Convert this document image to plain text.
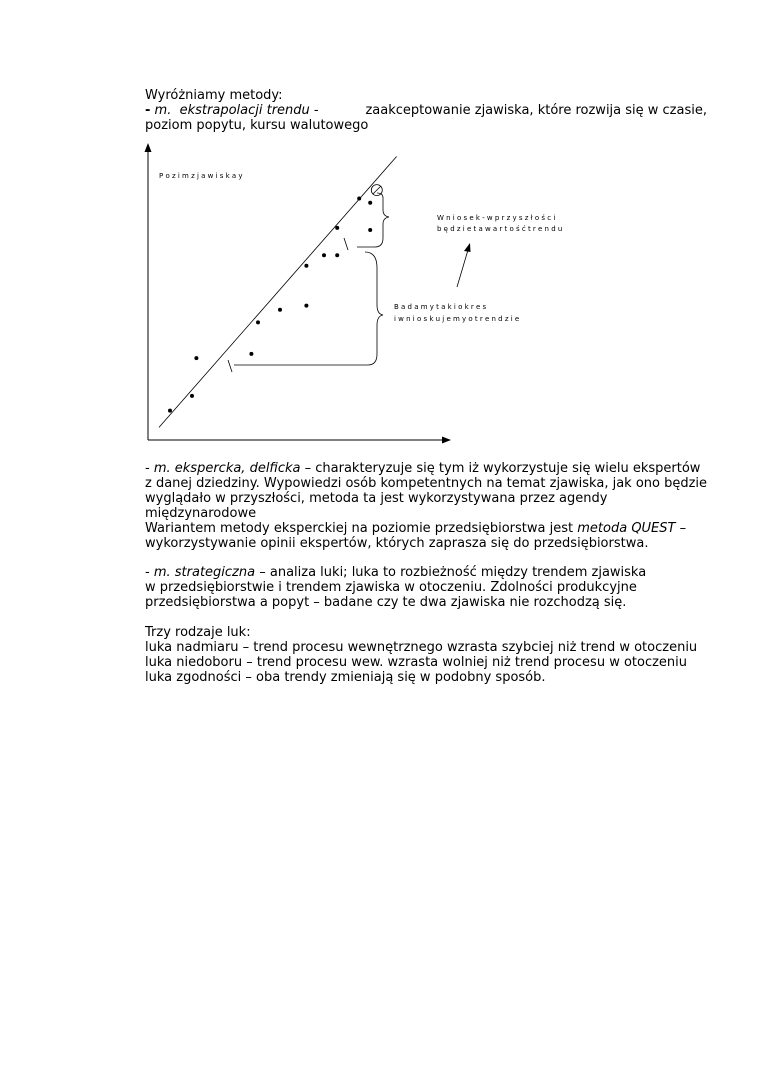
Wyróżniamy metody:
- m.  ekstrapolacji trendu -	zaakceptowanie zjawiska, które rozwija się w czasie,
poziom popytu, kursu walutowego
P o z i m z j a w i s k a y
W n i o s e k - w p r z y s z ł o ś c i
b ę d z i e t a w a r t o ś ć t r e n d u
B a d a m y t a k i o k r e s
i w n i o s k u j e m y o t r e n d z i e
- m. ekspercka, delficka – charakteryzuje się tym iż wykorzystuje się wielu ekspertów
z danej dziedziny. Wypowiedzi osób kompetentnych na temat zjawiska, jak ono będzie
wyglądało w przyszłości, metoda ta jest wykorzystywana przez agendy
międzynarodowe
Wariantem metody eksperckiej na poziomie przedsiębiorstwa jest metoda QUEST –
wykorzystywanie opinii ekspertów, których zaprasza się do przedsiębiorstwa.
- m. strategiczna – analiza luki; luka to rozbieżność między trendem zjawiska
w przedsiębiorstwie i trendem zjawiska w otoczeniu. Zdolności produkcyjne
przedsiębiorstwa a popyt – badane czy te dwa zjawiska nie rozchodzą się.
Trzy rodzaje luk:
luka nadmiaru – trend procesu wewnętrznego wzrasta szybciej niż trend w otoczeniu
luka niedoboru – trend procesu wew. wzrasta wolniej niż trend procesu w otoczeniu
luka zgodności – oba trendy zmieniają się w podobny sposób.
